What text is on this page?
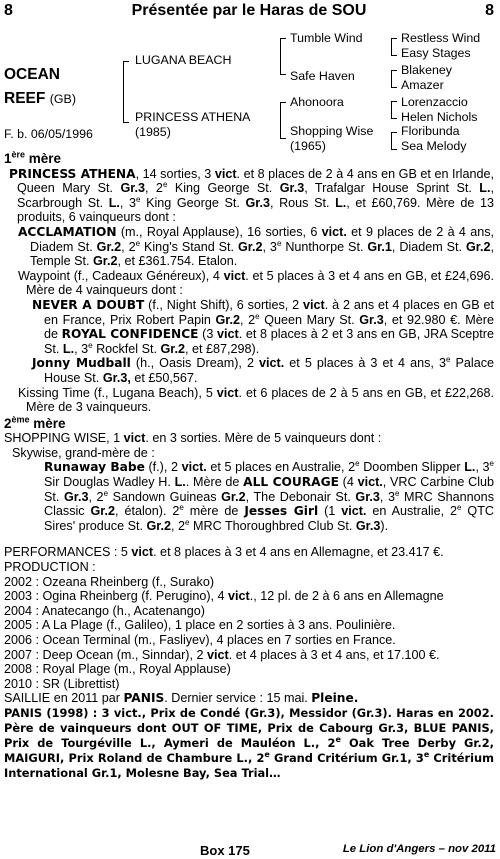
8	Présentée par le Haras de SOU	8
OCEAN
REEF (GB)
F. b. 06/05/1996
LUGANA BEACH
PRINCESS ATHENA
(1985)
Tumble Wind
Safe Haven
Ahonoora
Shopping Wise
(1965)
Restless Wind
Easy Stages
Blakeney
Amazer
Lorenzaccio
Helen Nichols
Floribunda
Sea Melody

1ère mère

PRINCESS ATHENA, 14 sorties, 3 vict. et 8 places de 2 à 4 ans en GB et en Irlande, Queen Mary St. Gr.3, 2e King George St. Gr.3, Trafalgar House Sprint St. L., Scarbrough St. L., 3e King George St. Gr.3, Rous St. L., et £60,769. Mère de 13 produits, 6 vainqueurs dont :

ACCLAMATION (m., Royal Applause), 16 sorties, 6 vict. et 9 places de 2 à 4 ans, Diadem St. Gr.2, 2e King's Stand St. Gr.2, 3e Nunthorpe St. Gr.1, Diadem St. Gr.2, Temple St. Gr.2, et £361.754. Etalon.

Waypoint (f., Cadeaux Généreux), 4 vict. et 5 places à 3 et 4 ans en GB, et £24,696. Mère de 4 vainqueurs dont :

NEVER A DOUBT (f., Night Shift), 6 sorties, 2 vict. à 2 ans et 4 places en GB et en France, Prix Robert Papin Gr.2, 2e Queen Mary St. Gr.3, et 92.980 €. Mère de ROYAL CONFIDENCE (3 vict. et 8 places à 2 et 3 ans en GB, JRA Sceptre St. L., 3e Rockfel St. Gr.2, et £87,298).

Jonny Mudball (h., Oasis Dream), 2 vict. et 5 places à 3 et 4 ans, 3e Palace House St. Gr.3, et £50,567.

Kissing Time (f., Lugana Beach), 5 vict. et 6 places de 2 à 5 ans en GB, et £22,268. Mère de 3 vainqueurs.

2ème mère

SHOPPING WISE, 1 vict. en 3 sorties. Mère de 5 vainqueurs dont :

Skywise, grand-mère de :

Runaway Babe (f.), 2 vict. et 5 places en Australie, 2e Doomben Slipper L., 3e Sir Douglas Wadley H. L.. Mère de ALL COURAGE (4 vict., VRC Carbine Club St. Gr.3, 2e Sandown Guineas Gr.2, The Debonair St. Gr.3, 3e MRC Shannons Classic Gr.2, étalon). 2e mère de Jesses Girl (1 vict. en Australie, 2e QTC Sires' produce St. Gr.2, 2e MRC Thoroughbred Club St. Gr.3).

PERFORMANCES : 5 vict. et 8 places à 3 et 4 ans en Allemagne, et 23.417 €.

PRODUCTION :

2002 : Ozeana Rheinberg (f., Surako)

2003 : Ogina Rheinberg (f. Perugino), 4 vict., 12 pl. de 2 à 6 ans en Allemagne

2004 : Anatecango (h., Acatenango)

2005 : A La Plage (f., Galileo), 1 place en 2 sorties à 3 ans. Poulinière.

2006 : Ocean Terminal (m., Fasliyev), 4 places en 7 sorties en France.

2007 : Deep Ocean (m., Sinndar), 2 vict. et 4 places à 3 et 4 ans, et 17.100 €.

2008 : Royal Plage (m., Royal Applause)

2010 : SR (Librettist)

SAILLIE en 2011 par PANIS. Dernier service : 15 mai. Pleine.

PANIS (1998) : 3 vict., Prix de Condé (Gr.3), Messidor (Gr.3). Haras en 2002. Père de vainqueurs dont OUT OF TIME, Prix de Cabourg Gr.3, BLUE PANIS, Prix de Tourgéville L., Aymeri de Mauléon L., 2e Oak Tree Derby Gr.2, MAIGURI, Prix Roland de Chambure L., 2e Grand Critérium Gr.1, 3e Critérium International Gr.1, Molesne Bay, Sea Trial…

Box 175	Le Lion d'Angers – nov 2011
